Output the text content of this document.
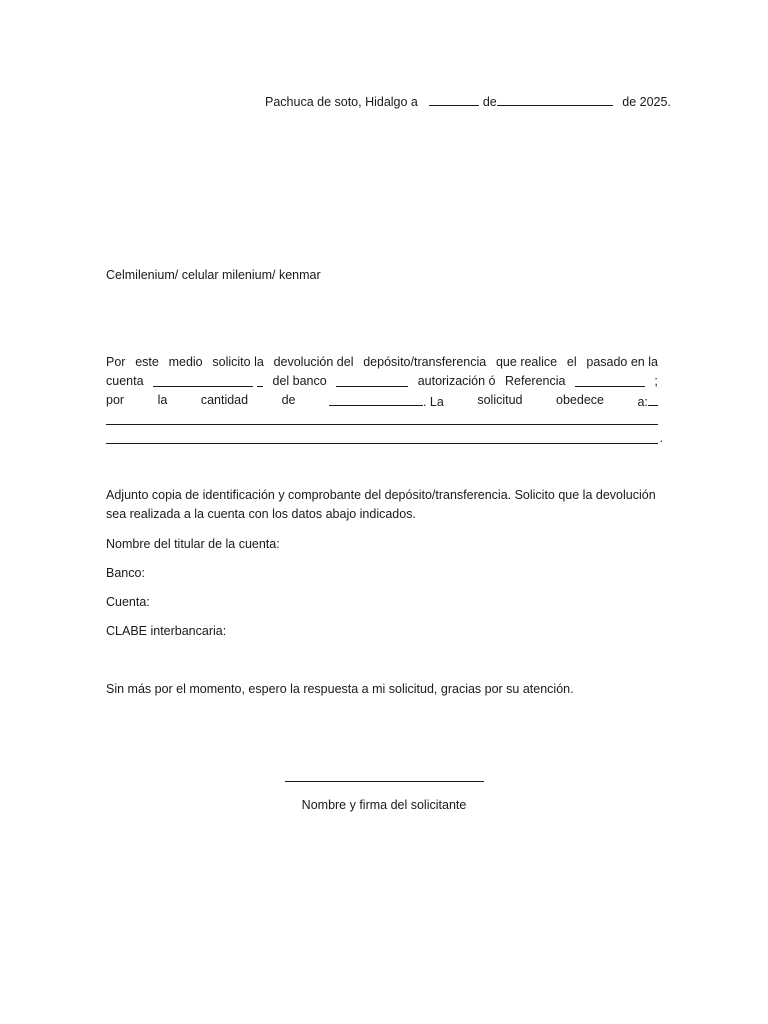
Pachuca de soto, Hidalgo a	de	de 2025.
Celmilenium/ celular milenium/ kenmar
Por este medio solicito la devolución del depósito/transferencia que realice el pasado en la
cuenta	del banco	autorización ó Referencia	;
por	la	cantidad	de	. La	solicitud	obedece	a:
.
Adjunto copia de identificación y comprobante del depósito/transferencia. Solicito que la devolución sea realizada a la cuenta con los datos abajo indicados.
Nombre del titular de la cuenta:
Banco:
Cuenta:
CLABE interbancaria:
Sin más por el momento, espero la respuesta a mi solicitud, gracias por su atención.
Nombre y firma del solicitante
